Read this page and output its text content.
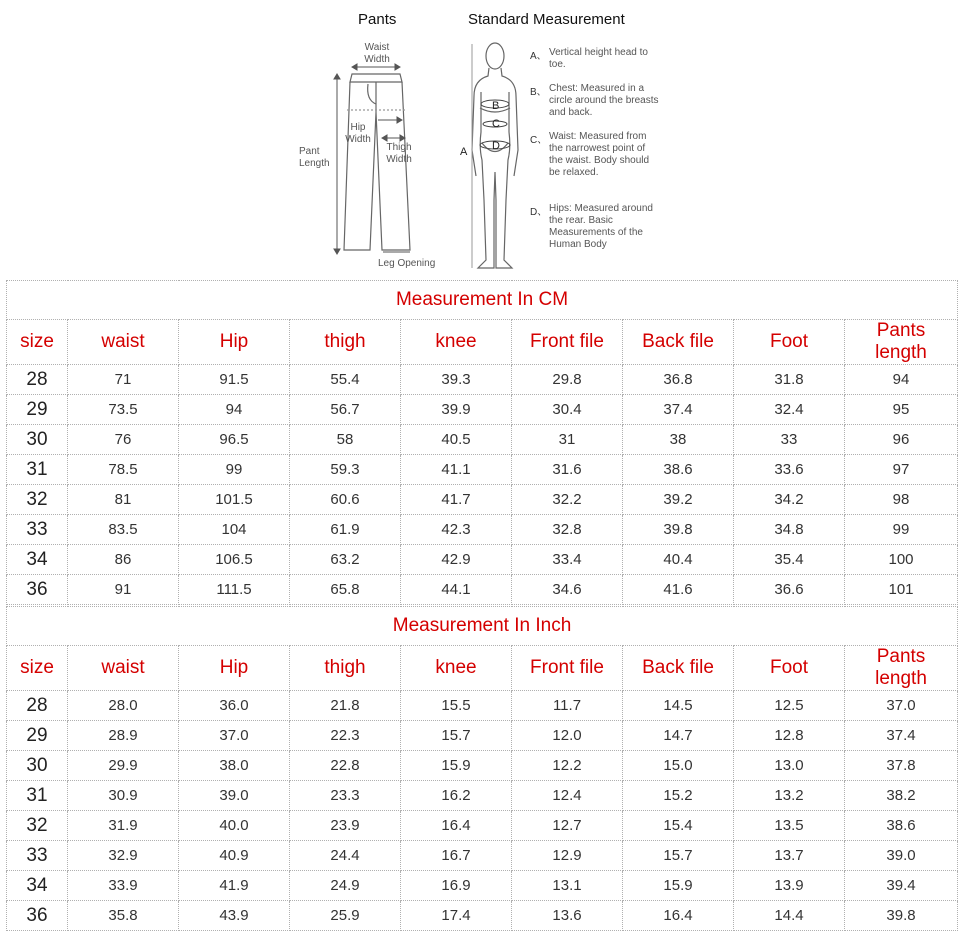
Pants	Standard Measurement
Waist
Width
Hip
Width
Thigh
Width
Pant
Length
Leg Opening
A
B
C
D
A、 Vertical height head to toe.
B、 Chest: Measured in a circle around the breasts and back.
C、 Waist: Measured from the narrowest point of the waist. Body should be relaxed.
D、 Hips: Measured around the rear. Basic Measurements of the Human Body
Measurement In CM								
size	waist	Hip	thigh	knee	Front file	Back file	Foot	Pants
length

28	71	91.5	55.4	39.3	29.8	36.8	31.8	94
29	73.5	94	56.7	39.9	30.4	37.4	32.4	95
30	76	96.5	58	40.5	31	38	33	96
31	78.5	99	59.3	41.1	31.6	38.6	33.6	97
32	81	101.5	60.6	41.7	32.2	39.2	34.2	98
33	83.5	104	61.9	42.3	32.8	39.8	34.8	99
34	86	106.5	63.2	42.9	33.4	40.4	35.4	100
36	91	111.5	65.8	44.1	34.6	41.6	36.6	101
Measurement In Inch								
size	waist	Hip	thigh	knee	Front file	Back file	Foot	Pants
length

28	28.0	36.0	21.8	15.5	11.7	14.5	12.5	37.0
29	28.9	37.0	22.3	15.7	12.0	14.7	12.8	37.4
30	29.9	38.0	22.8	15.9	12.2	15.0	13.0	37.8
31	30.9	39.0	23.3	16.2	12.4	15.2	13.2	38.2
32	31.9	40.0	23.9	16.4	12.7	15.4	13.5	38.6
33	32.9	40.9	24.4	16.7	12.9	15.7	13.7	39.0
34	33.9	41.9	24.9	16.9	13.1	15.9	13.9	39.4
36	35.8	43.9	25.9	17.4	13.6	16.4	14.4	39.8
